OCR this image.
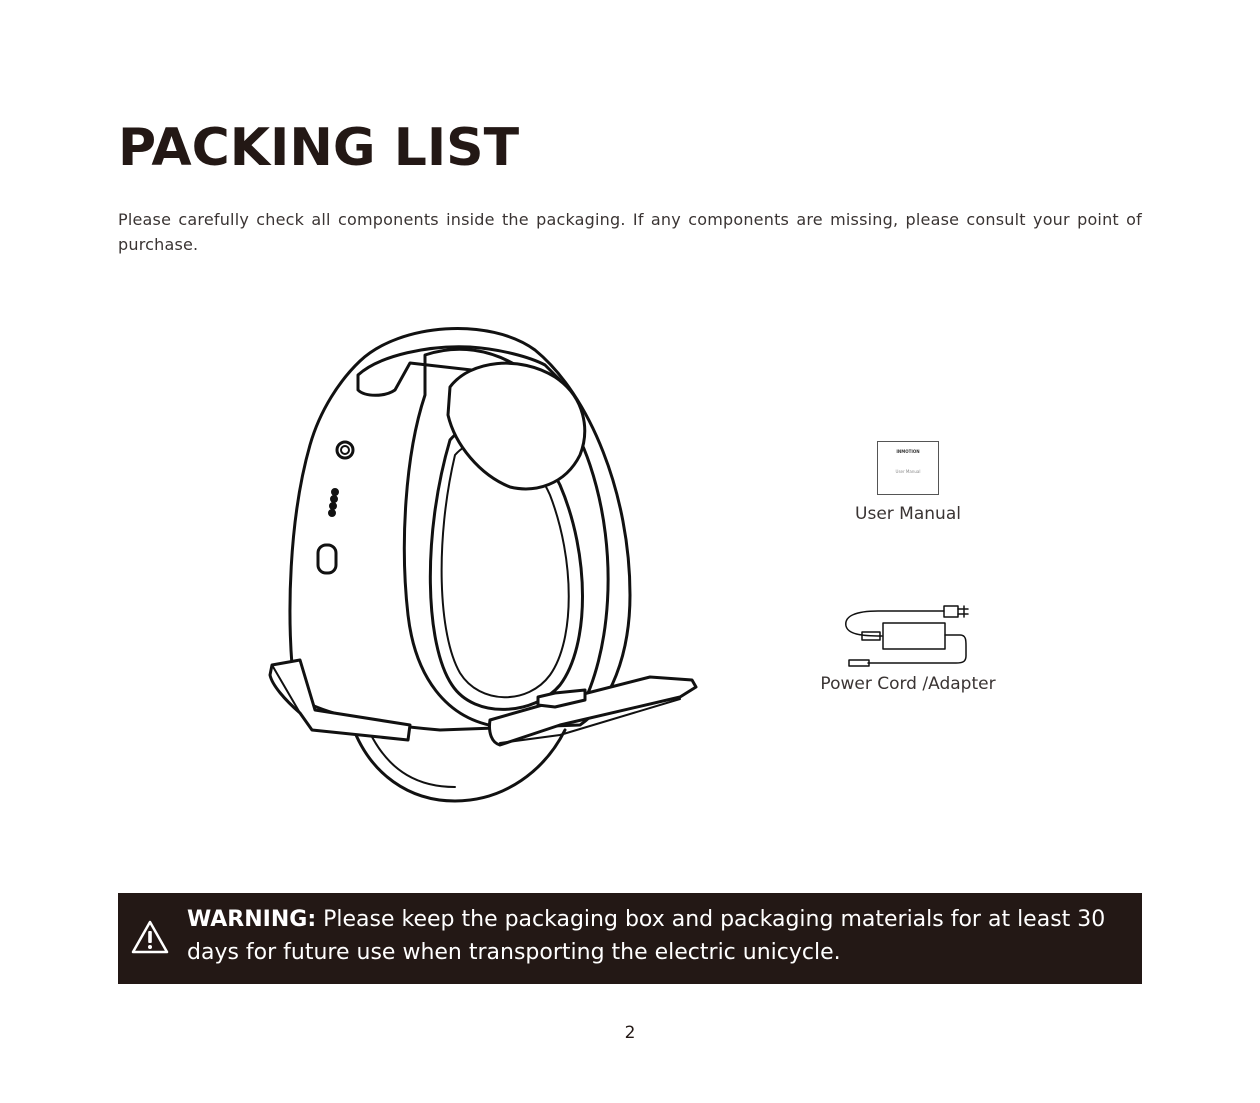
PACKING LIST

Please carefully check all components inside the packaging. If any components are missing, please consult your point of purchase.

INMOTION
User Manual
User Manual
Power Cord /Adapter

WARNING: Please keep the packaging box and packaging materials for at least 30 days for future use when transporting the electric unicycle.

2
